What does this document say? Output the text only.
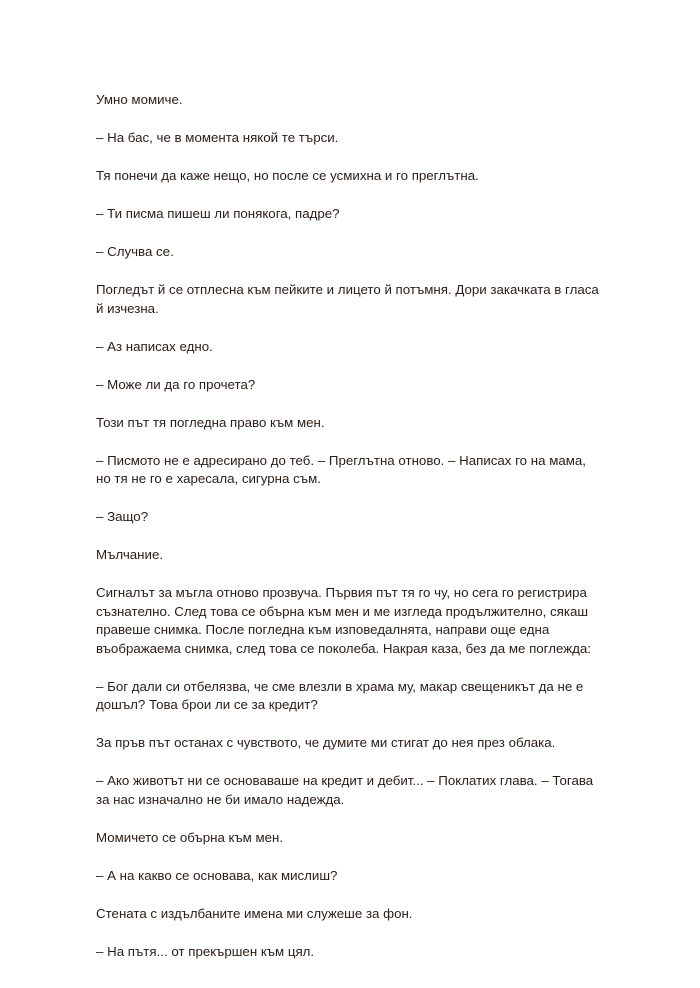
Умно момиче.

– На бас, че в момента някой те търси.

Тя понечи да каже нещо, но после се усмихна и го преглътна.

– Ти писма пишеш ли понякога, падре?

– Случва се.

Погледът й се отплесна към пейките и лицето й потъмня. Дори закачката в гласа
й изчезна.

– Аз написах едно.

– Може ли да го прочета?

Този път тя погледна право към мен.

– Писмото не е адресирано до теб. – Преглътна отново. – Написах го на мама,
но тя не го е харесала, сигурна съм.

– Защо?

Мълчание.

Сигналът за мъгла отново прозвуча. Първия път тя го чу, но сега го регистрира
съзнателно. След това се обърна към мен и ме изгледа продължително, сякаш
правеше снимка. После погледна към изповедалнята, направи още една
въображаема снимка, след това се поколеба. Накрая каза, без да ме поглежда:

– Бог дали си отбелязва, че сме влезли в храма му, макар свещеникът да не е
дошъл? Това брои ли се за кредит?

За пръв път останах с чувството, че думите ми стигат до нея през облака.

– Ако животът ни се основаваше на кредит и дебит... – Поклатих глава. – Тогава
за нас изначално не би имало надежда.

Момичето се обърна към мен.

– А на какво се основава, как мислиш?

Стената с издълбаните имена ми служеше за фон.

– На пътя... от прекършен към цял.
